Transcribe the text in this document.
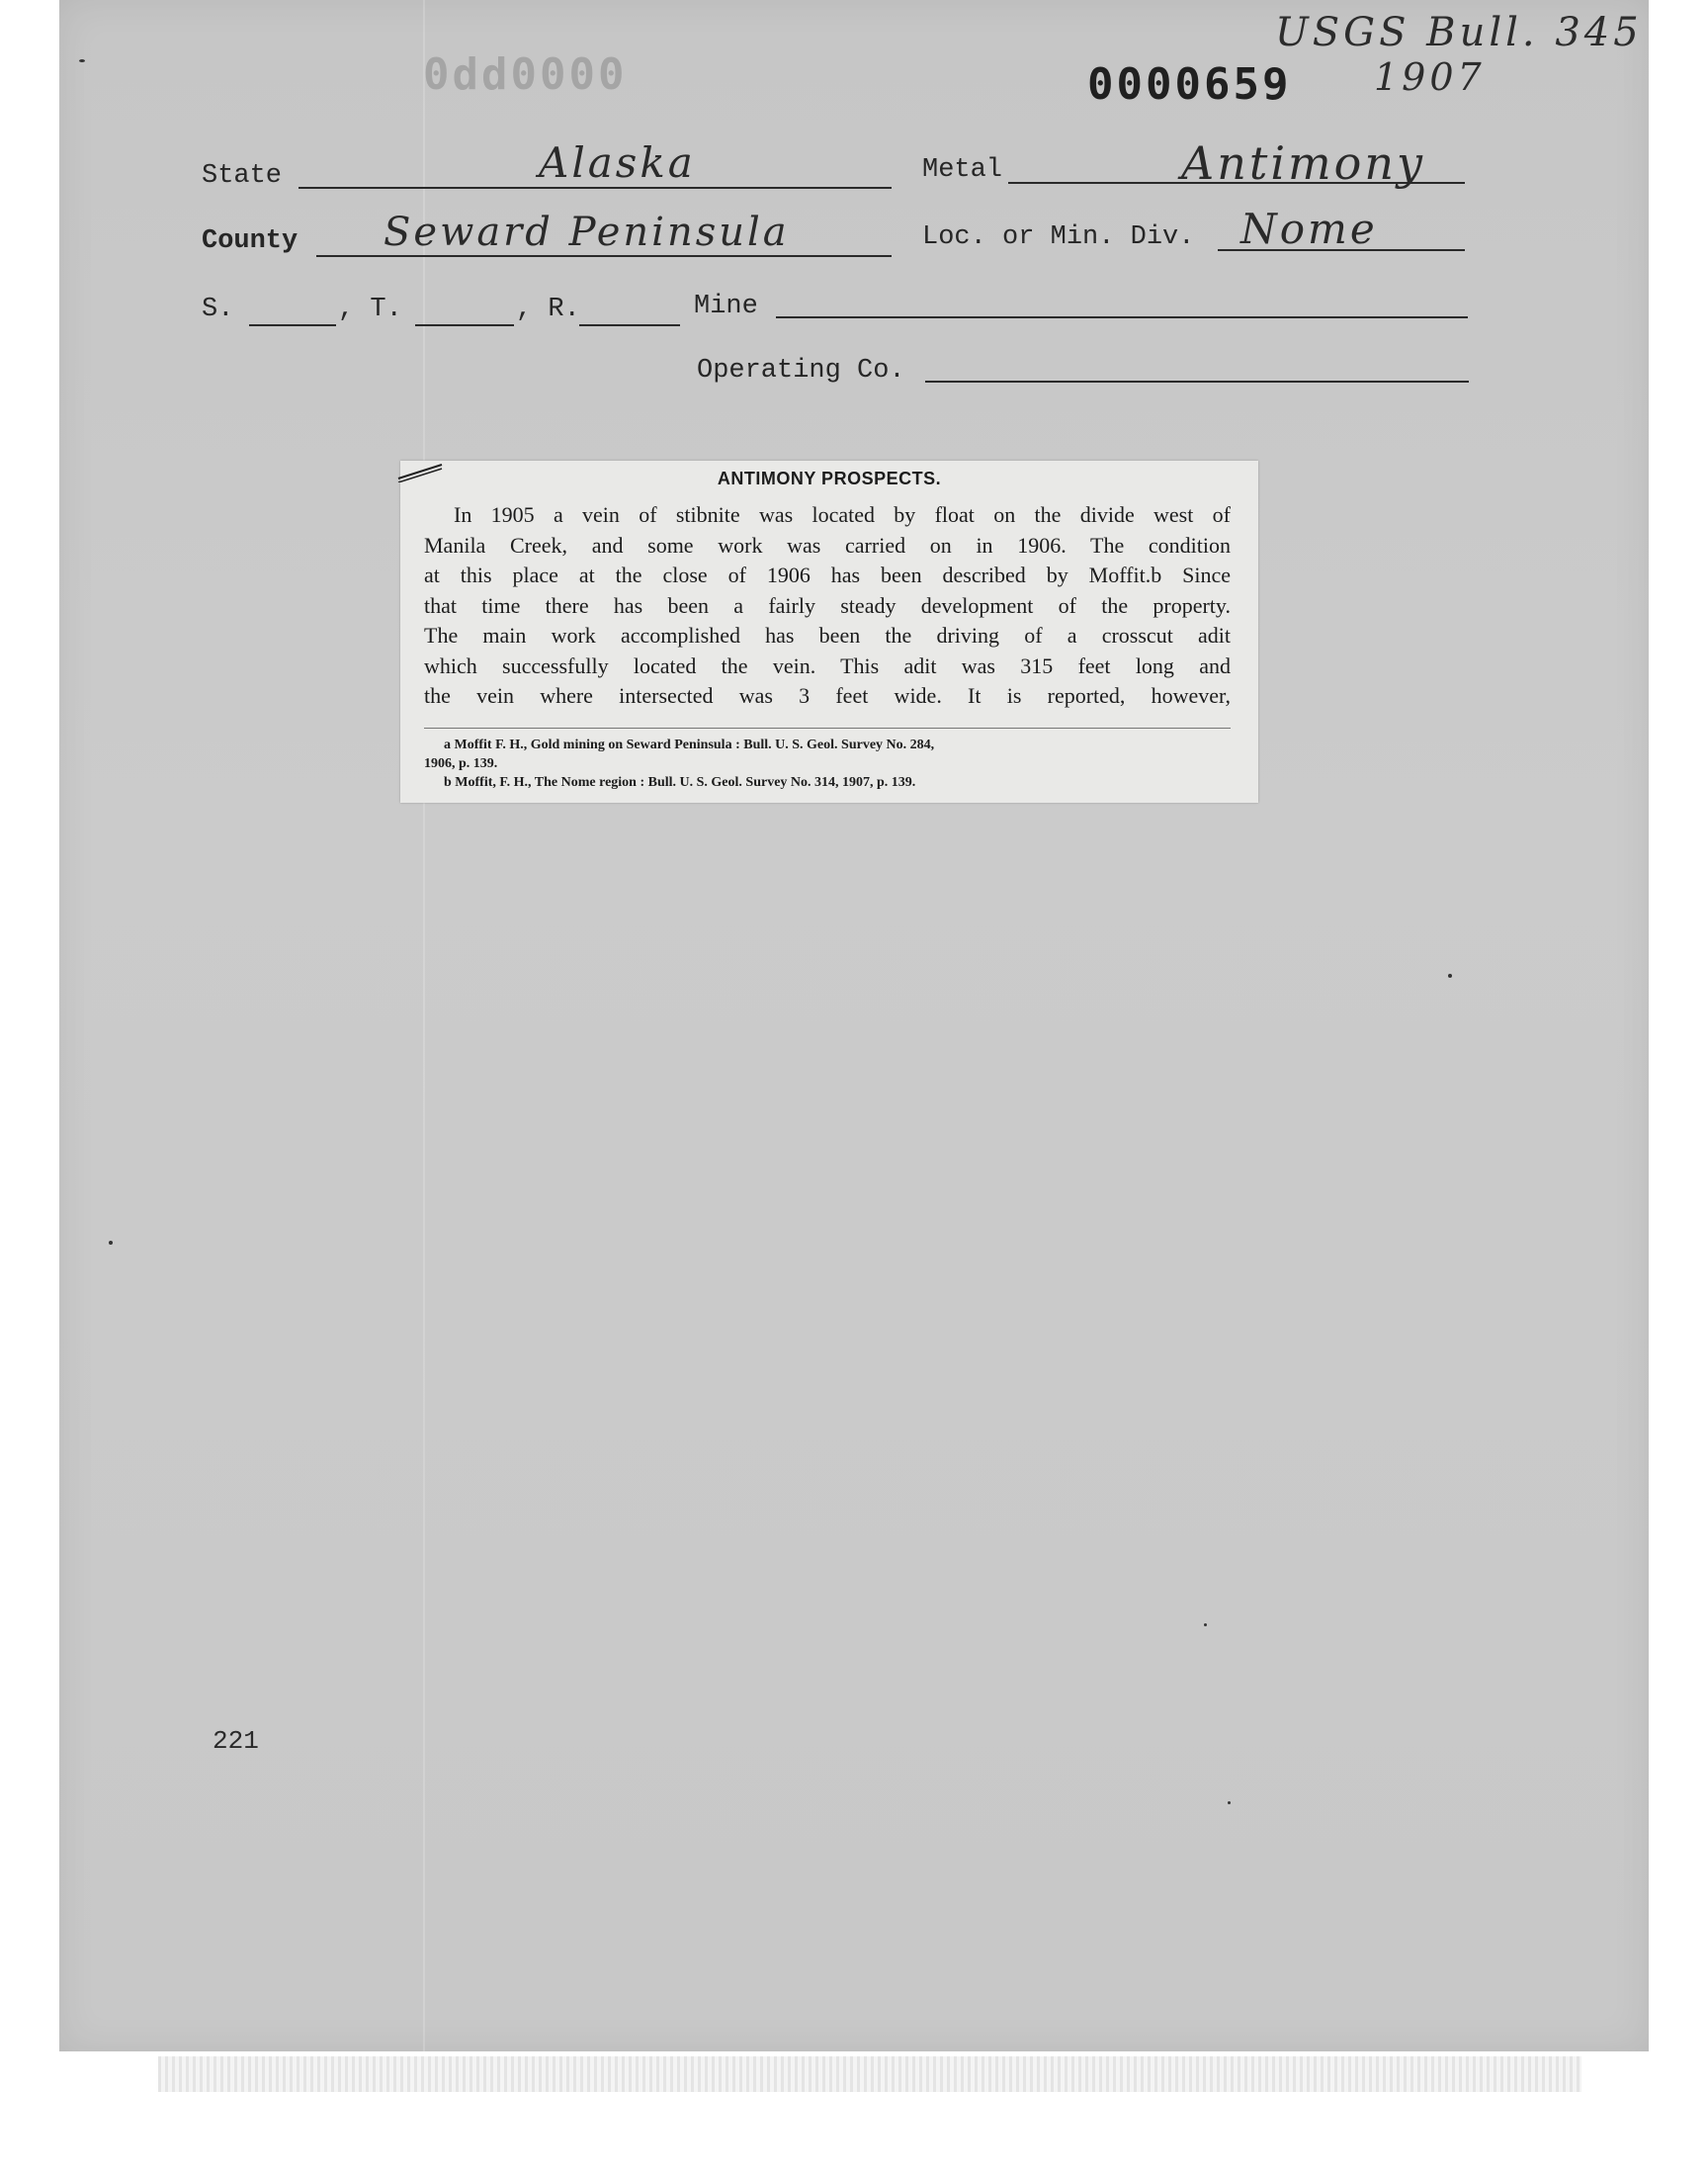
USGS Bull. 345
1907
0dd0000	0000659
State	Alaska	Metal	Antimony
County Seward Peninsula	Loc. or Min. Div. Nome
S.	, T.	, R.	Mine
Operating Co.
ANTIMONY PROSPECTS.
In 1905 a vein of stibnite was located by float on the divide west of
Manila Creek, and some work was carried on in 1906. The condition
at this place at the close of 1906 has been described by Moffit.b Since
that time there has been a fairly steady development of the property.
The main work accomplished has been the driving of a crosscut adit
which successfully located the vein. This adit was 315 feet long and
the vein where intersected was 3 feet wide. It is reported, however,
a Moffit F. H., Gold mining on Seward Peninsula : Bull. U. S. Geol. Survey No. 284,
1906, p. 139.
b Moffit, F. H., The Nome region : Bull. U. S. Geol. Survey No. 314, 1907, p. 139.
221
